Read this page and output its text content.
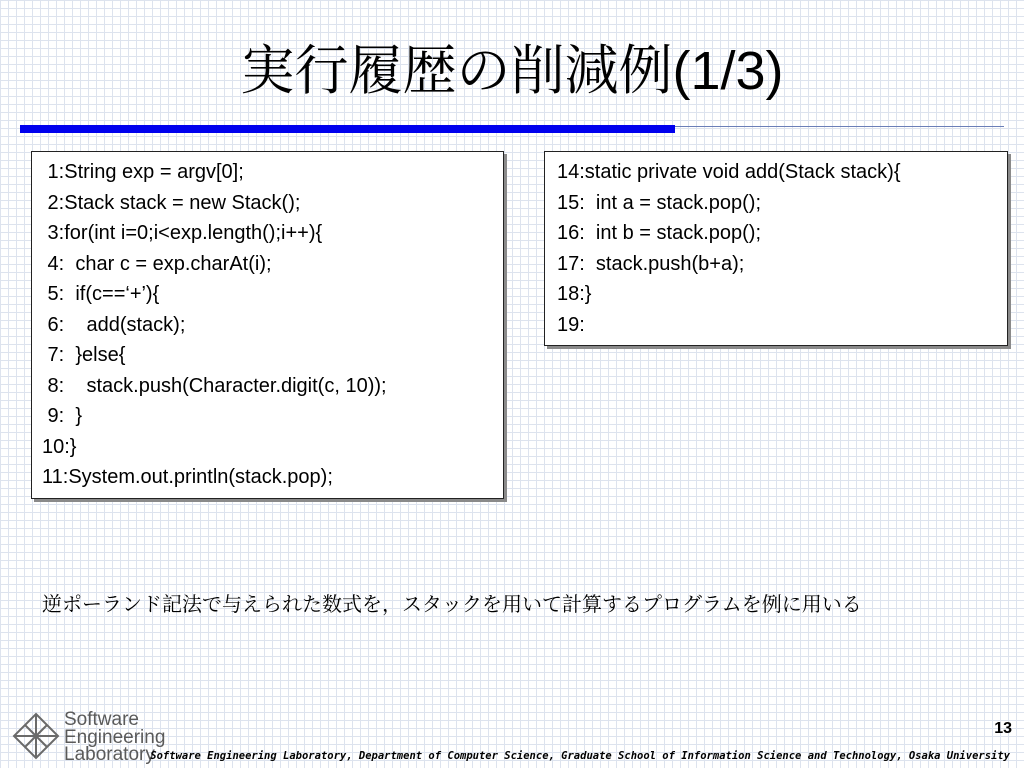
実行履歴の削減例(1/3)
1:String exp = argv[0];
2:Stack stack = new Stack();
3:for(int i=0;i<exp.length();i++){
4:  char c = exp.charAt(i);
5:  if(c==‘+’){
6:    add(stack);
7:  }else{
8:    stack.push(Character.digit(c, 10));
9:  }
10:}
11:System.out.println(stack.pop);
14:static private void add(Stack stack){
15:  int a = stack.pop();
16:  int b = stack.pop();
17:  stack.push(b+a);
18:}
19:
逆ポーランド記法で与えられた数式を，スタックを用いて計算するプログラムを例に用いる
Software
Engineering
Laboratory
13
Software Engineering Laboratory, Department of Computer Science, Graduate School of Information Science and Technology, Osaka University
